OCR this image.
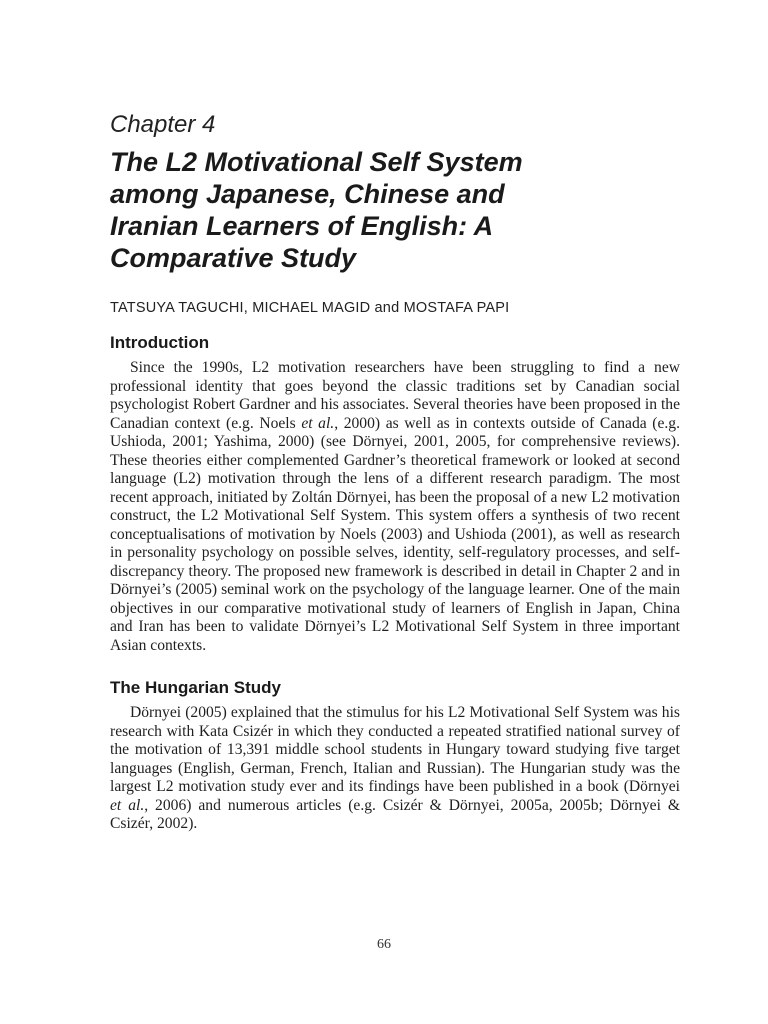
Chapter 4
The L2 Motivational Self System
among Japanese, Chinese and
Iranian Learners of English: A
Comparative Study
TATSUYA TAGUCHI, MICHAEL MAGID and MOSTAFA PAPI
Introduction

Since the 1990s, L2 motivation researchers have been struggling to find a new professional identity that goes beyond the classic traditions set by Canadian social psychologist Robert Gardner and his associates. Several theories have been proposed in the Canadian context (e.g. Noels et al., 2000) as well as in contexts outside of Canada (e.g. Ushioda, 2001; Yashima, 2000) (see Dörnyei, 2001, 2005, for comprehensive reviews). These theories either complemented Gardner’s theoretical framework or looked at second language (L2) motivation through the lens of a different research paradigm. The most recent approach, initiated by Zoltán Dörnyei, has been the proposal of a new L2 motivation construct, the L2 Motivational Self System. This system offers a synthesis of two recent conceptualisations of motivation by Noels (2003) and Ushioda (2001), as well as research in personality psychology on possible selves, identity, self-regulatory processes, and self-discrepancy theory. The proposed new framework is described in detail in Chapter 2 and in Dörnyei’s (2005) seminal work on the psychology of the language learner. One of the main objectives in our comparative motivational study of learners of English in Japan, China and Iran has been to validate Dörnyei’s L2 Motivational Self System in three important Asian contexts.

The Hungarian Study

Dörnyei (2005) explained that the stimulus for his L2 Motivational Self System was his research with Kata Csizér in which they conducted a repeated stratified national survey of the motivation of 13,391 middle school students in Hungary toward studying five target languages (English, German, French, Italian and Russian). The Hungarian study was the largest L2 motivation study ever and its findings have been published in a book (Dörnyei et al., 2006) and numerous articles (e.g. Csizér & Dörnyei, 2005a, 2005b; Dörnyei & Csizér, 2002).

66
